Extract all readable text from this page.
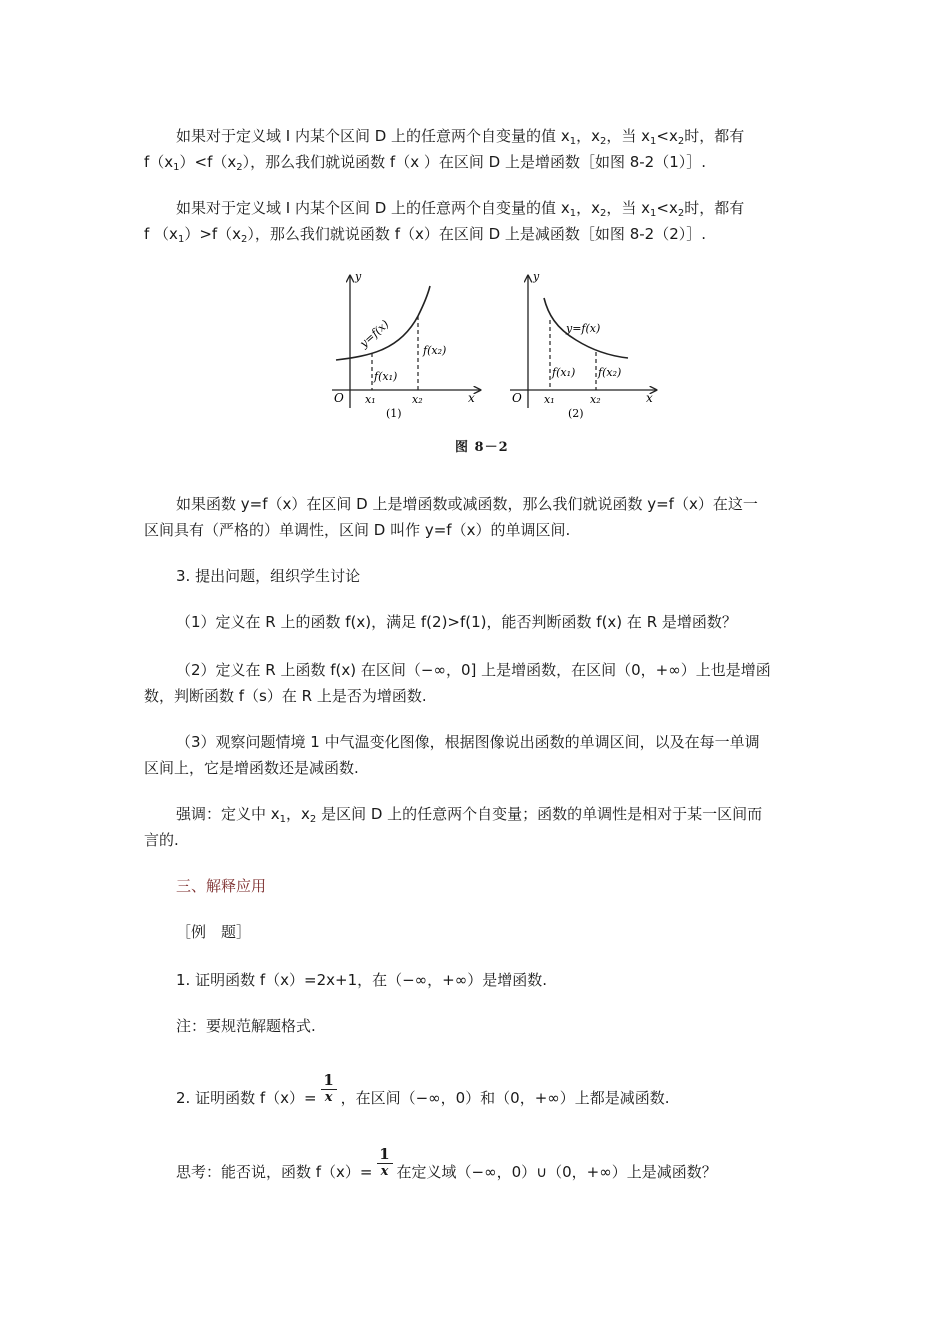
如果对于定义域 I 内某个区间 D 上的任意两个自变量的值 $x_1$，$x_2$，当 $x_1<x_2$时，都有

$f(x_1)<f(x_2)$，那么我们就说函数 f（x ）在区间 D 上是增函数［如图 8-2（1）］.

如果对于定义域 I 内某个区间 D 上的任意两个自变量的值 $x_1$，$x_2$，当 $x_1<x_2$时，都有

f $(x_1)>f(x_2)$，那么我们就说函数 f（x）在区间 D 上是减函数［如图 8-2（2）］.

y
x
O
y=f(x)
f(x₁)
f(x₂)
x₁	x₂
(1)
y
x
O
y=f(x)
f(x₁) f(x₂)
x₁	x₂
(2)
图 8－2

如果函数 y=f（x）在区间 D 上是增函数或减函数，那么我们就说函数 y=f（x）在这一

区间具有（严格的）单调性，区间 D 叫作 y=f（x）的单调区间.

3. 提出问题，组织学生讨论

（1）定义在 R 上的函数 f(x)，满足 f(2)>f(1)，能否判断函数 f(x) 在 R 是增函数？

（2）定义在 R 上函数 f(x) 在区间（−∞，0] 上是增函数，在区间（0，+∞）上也是增函

数，判断函数 f（s）在 R 上是否为增函数.

（3）观察问题情境 1 中气温变化图像，根据图像说出函数的单调区间，以及在每一单调

区间上，它是增函数还是减函数.

强调：定义中 $x_1$，$x_2$ 是区间 D 上的任意两个自变量；函数的单调性是相对于某一区间而

言的.

三、解释应用

［例　题］

1. 证明函数 f（x）=2x+1，在（−∞，+∞）是增函数.

注：要规范解题格式.

2. 证明函数 $f(x)= \frac{1}{x}$ ，在区间（−∞，0）和（0，+∞）上都是减函数.

思考：能否说，函数 $f(x)= \frac{1}{x}$ 在定义域（−∞，0）∪（0，+∞）上是减函数？
